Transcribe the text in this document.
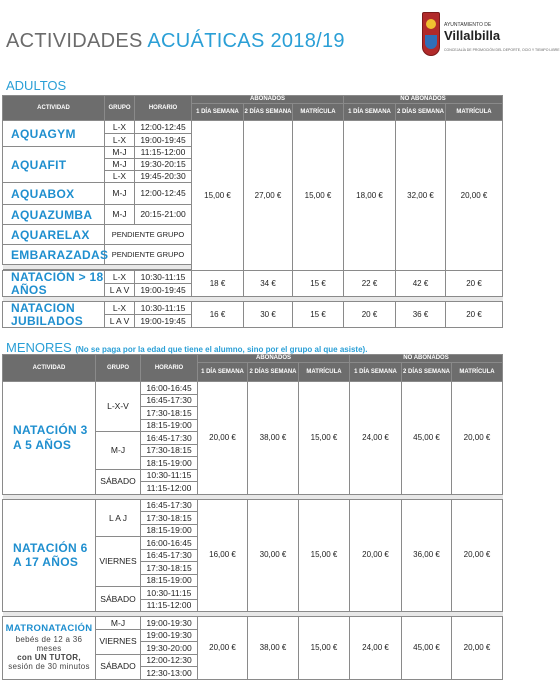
ACTIVIDADES ACUÁTICAS 2018/19
AYUNTAMIENTO DE
Villalbilla
CONCEJALÍA DE PROMOCIÓN DEL DEPORTE, OCIO Y TIEMPO LIBRE
ADULTOS
ACTIVIDAD	GRUPO	HORARIO	ABONADOS			NO ABONADOS		
			1 DÍA SEMANA	2 DÍAS SEMANA	MATRÍCULA	1 DÍA SEMANA	2 DÍAS SEMANA	MATRÍCULA
AQUAGYM	L-X	12:00-12:45	15,00 €	27,00 €	15,00 €	18,00 €	32,00 €	20,00 €
	L-X	19:00-19:45						
AQUAFIT	M-J	11:15-12:00						
	M-J	19:30-20:15						
	L-X	19:45-20:30						
AQUABOX	M-J	12:00-12:45						
AQUAZUMBA	M-J	20:15-21:00						
AQUARELAX	PENDIENTE GRUPO							
EMBARAZADAS	PENDIENTE GRUPO							

NATACIÓN > 18 AÑOS	L-X	10:30-11:15	18 €	34 €	15 €	22 €	42 €	20 €
	L A V	19:00-19:45						

NATACION JUBILADOS	L-X	10:30-11:15	16 €	30 €	15 €	20 €	36 €	20 €
	L A V	19:00-19:45						
MENORES (No se paga por la edad que tiene el alumno, sino por el grupo al que asiste).
ACTIVIDAD	GRUPO	HORARIO	ABONADOS			NO ABONADOS		
			1 DÍA SEMANA	2 DÍAS SEMANA	MATRÍCULA	1 DÍA SEMANA	2 DÍAS SEMANA	MATRÍCULA
NATACIÓN 3 A 5 AÑOS	L-X-V	16:00-16:45	20,00 €	38,00 €	15,00 €	24,00 €	45,00 €	20,00 €
		16:45-17:30						
		17:30-18:15						
		18:15-19:00						
	M-J	16:45-17:30						
		17:30-18:15						
		18:15-19:00						
	SÁBADO	10:30-11:15						
		11:15-12:00						

NATACIÓN 6 A 17 AÑOS	L A J	16:45-17:30	16,00 €	30,00 €	15,00 €	20,00 €	36,00 €	20,00 €
		17:30-18:15						
		18:15-19:00						
	VIERNES	16:00-16:45						
		16:45-17:30						
		17:30-18:15						
		18:15-19:00						
	SÁBADO	10:30-11:15						
		11:15-12:00						

MATRONATACIÓN
bebés de 12 a 36 meses
con UN TUTOR,
sesión de 30 minutos	M-J	19:00-19:30	20,00 €	38,00 €	15,00 €	24,00 €	45,00 €	20,00 €
	VIERNES	19:00-19:30						
		19:30-20:00						
	SÁBADO	12:00-12:30						
		12:30-13:00						
